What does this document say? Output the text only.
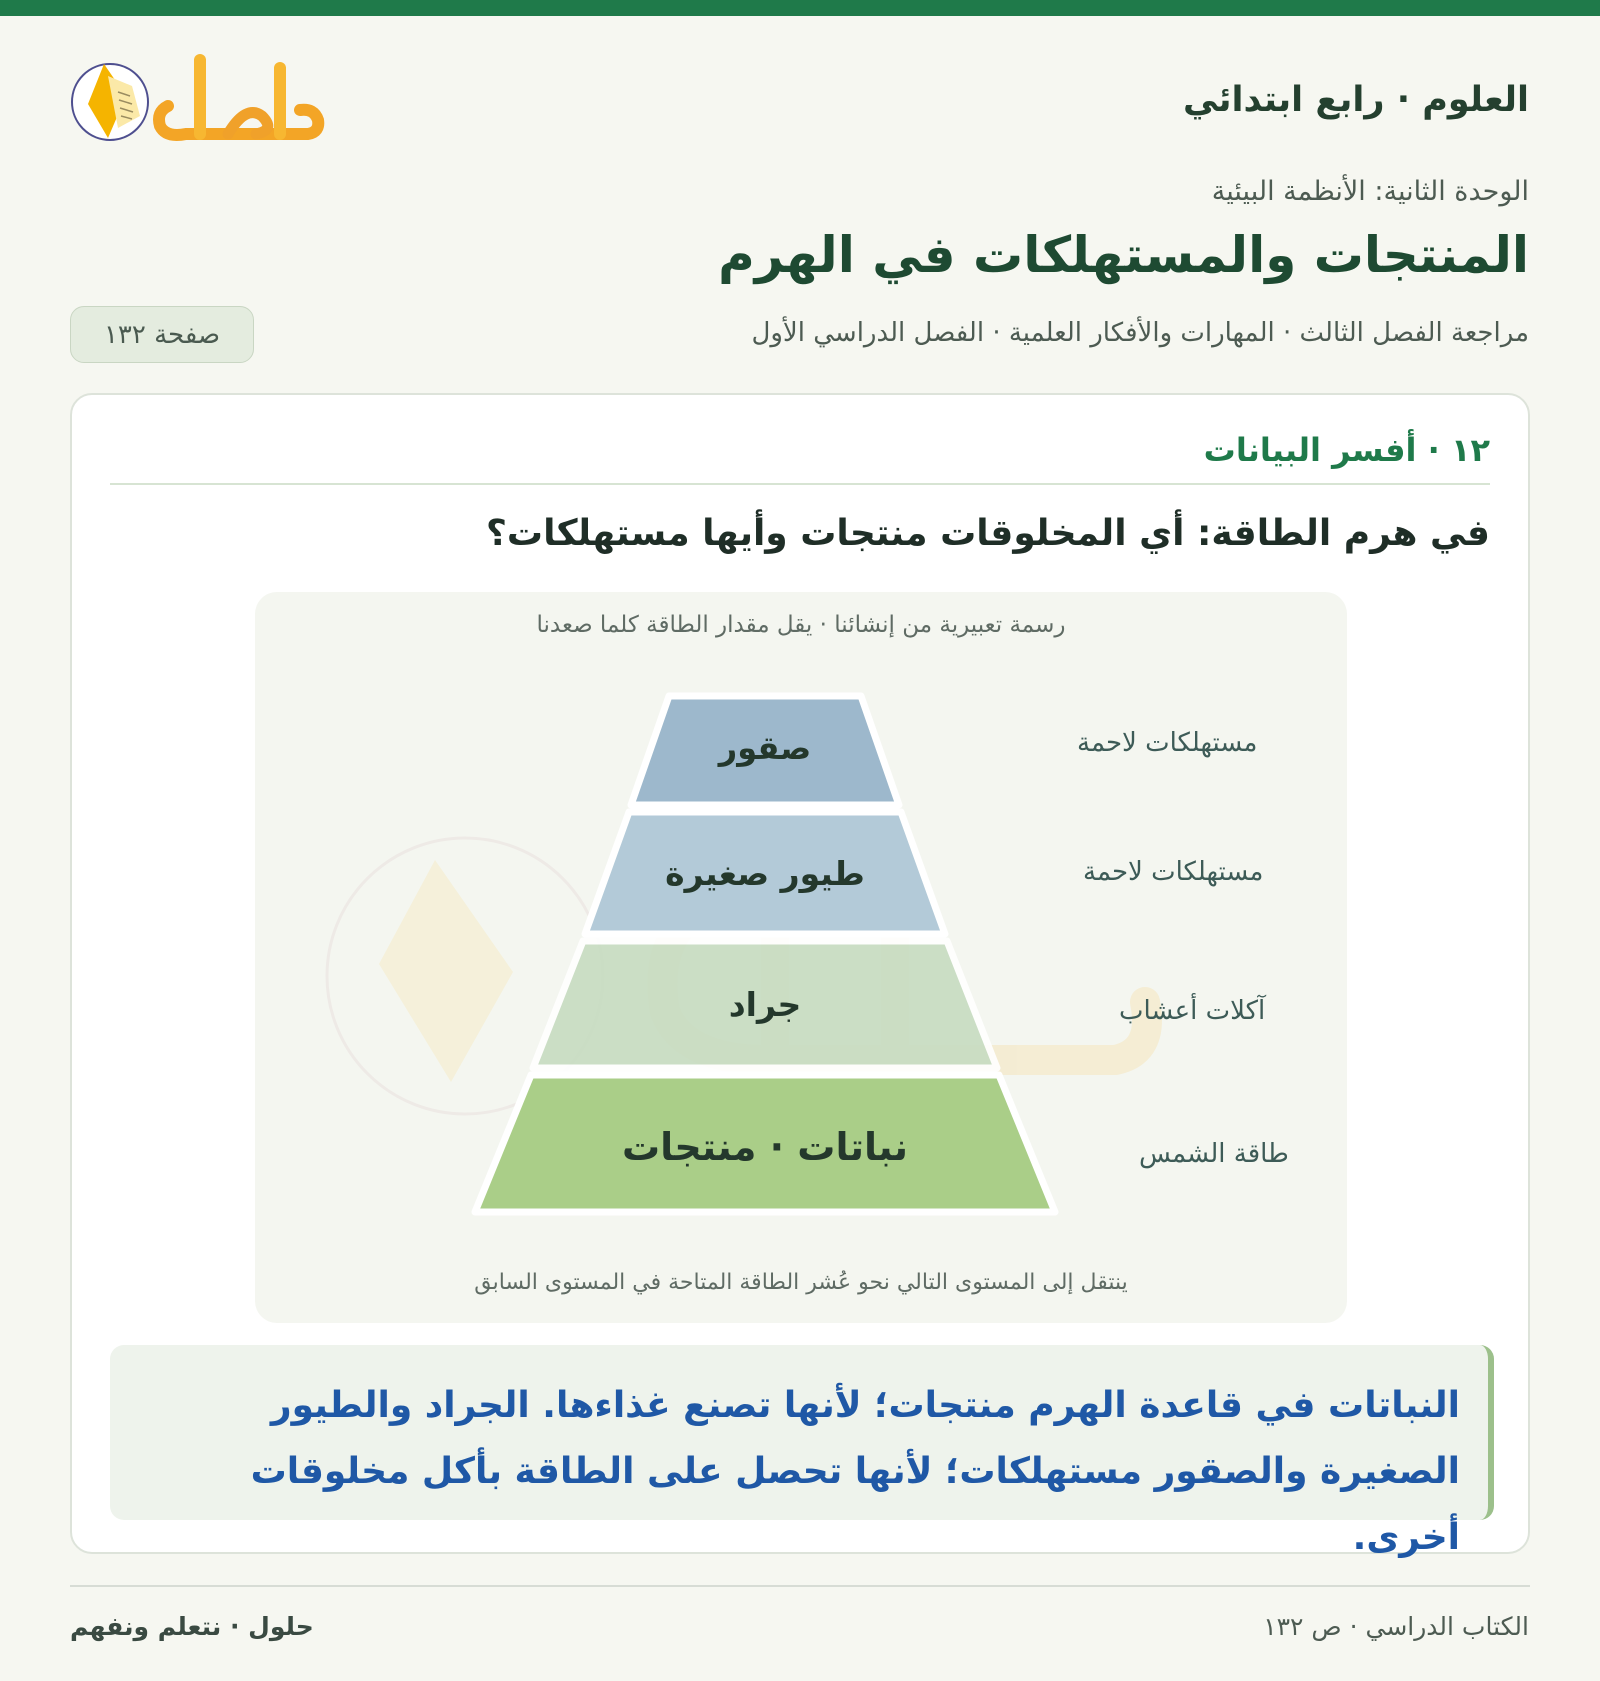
العلوم · رابع ابتدائي
الوحدة الثانية: الأنظمة البيئية
المنتجات والمستهلكات في الهرم
مراجعة الفصل الثالث · المهارات والأفكار العلمية · الفصل الدراسي الأول
صفحة ١٣٢
١٢ · أفسر البيانات
في هرم الطاقة: أي المخلوقات منتجات وأيها مستهلكات؟
رسمة تعبيرية من إنشائنا · يقل مقدار الطاقة كلما صعدنا
صقور
طيور صغيرة
جراد
نباتات · منتجات
مستهلكات لاحمة
مستهلكات لاحمة
آكلات أعشاب
طاقة الشمس
ينتقل إلى المستوى التالي نحو عُشر الطاقة المتاحة في المستوى السابق
النباتات في قاعدة الهرم منتجات؛ لأنها تصنع غذاءها. الجراد والطيور الصغيرة والصقور مستهلكات؛ لأنها تحصل على الطاقة بأكل مخلوقات أخرى.
حلول · نتعلم ونفهم	الكتاب الدراسي · ص ١٣٢
